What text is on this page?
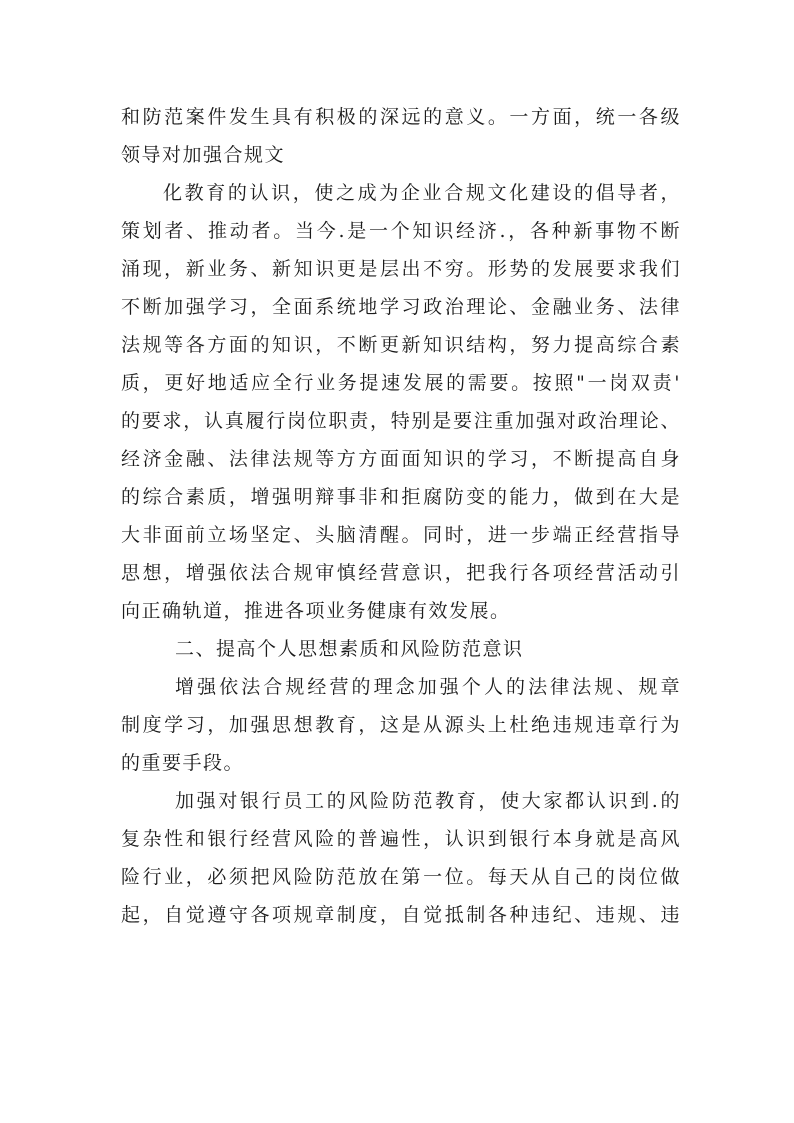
和防范案件发生具有积极的深远的意义。一方面，统一各级
领导对加强合规文
化教育的认识，使之成为企业合规文化建设的倡导者，
策划者、推动者。当今.是一个知识经济.，各种新事物不断
涌现，新业务、新知识更是层出不穷。形势的发展要求我们
不断加强学习，全面系统地学习政治理论、金融业务、法律
法规等各方面的知识，不断更新知识结构，努力提高综合素
质，更好地适应全行业务提速发展的需要。按照"一岗双责'
的要求，认真履行岗位职责，特别是要注重加强对政治理论、
经济金融、法律法规等方方面面知识的学习，不断提高自身
的综合素质，增强明辩事非和拒腐防变的能力，做到在大是
大非面前立场坚定、头脑清醒。同时，进一步端正经营指导
思想，增强依法合规审慎经营意识，把我行各项经营活动引
向正确轨道，推进各项业务健康有效发展。
二、提高个人思想素质和风险防范意识
增强依法合规经营的理念加强个人的法律法规、规章
制度学习，加强思想教育，这是从源头上杜绝违规违章行为
的重要手段。
加强对银行员工的风险防范教育，使大家都认识到.的
复杂性和银行经营风险的普遍性，认识到银行本身就是高风
险行业，必须把风险防范放在第一位。每天从自己的岗位做
起，自觉遵守各项规章制度，自觉抵制各种违纪、违规、违
